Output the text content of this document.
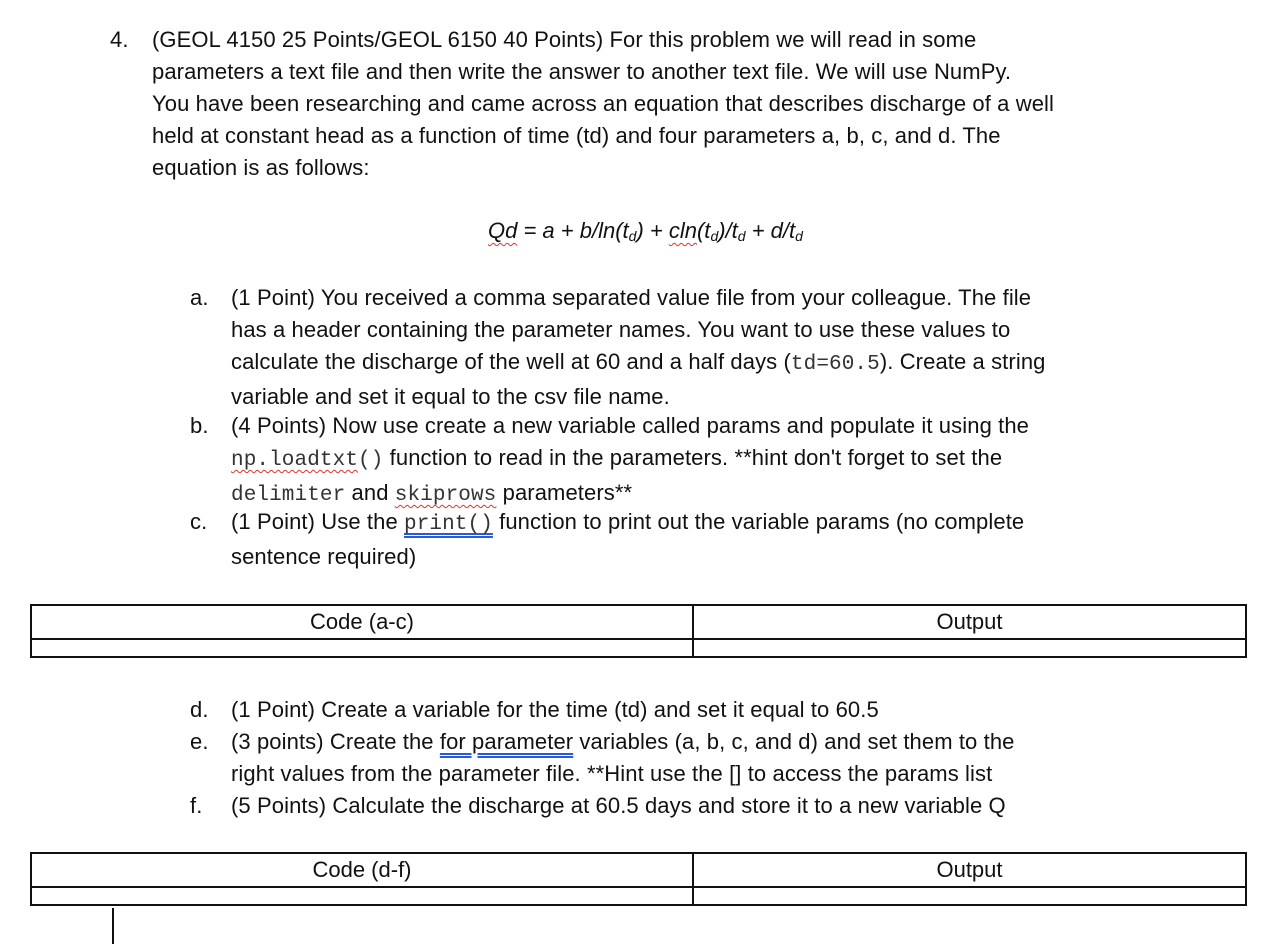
4. (GEOL 4150 25 Points/GEOL 6150 40 Points) For this problem we will read in some
parameters a text file and then write the answer to another text file. We will use NumPy.
You have been researching and came across an equation that describes discharge of a well
held at constant head as a function of time (td) and four parameters a, b, c, and d. The
equation is as follows:
$Qd = a + b/\ln(t_d) + cln(t_d)/t_d + d/t_d$
a. (1 Point) You received a comma separated value file from your colleague. The file
has a header containing the parameter names. You want to use these values to
calculate the discharge of the well at 60 and a half days (td=60.5). Create a string
variable and set it equal to the csv file name.
b. (4 Points) Now use create a new variable called params and populate it using the
np.loadtxt() function to read in the parameters. **hint don't forget to set the
delimiter and skiprows parameters**
c. (1 Point) Use the print() function to print out the variable params (no complete
sentence required)
Code (a-c)	Output

d. (1 Point) Create a variable for the time (td) and set it equal to 60.5
e. (3 points) Create the for parameter variables (a, b, c, and d) and set them to the
right values from the parameter file. **Hint use the [] to access the params list
f. (5 Points) Calculate the discharge at 60.5 days and store it to a new variable Q
Code (d-f)	Output
